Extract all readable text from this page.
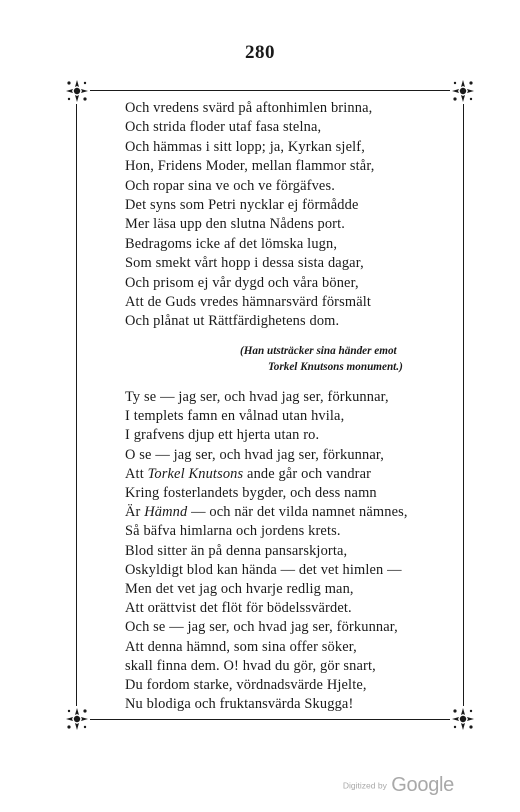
280
Och vredens svärd på aftonhimlen brinna,
Och strida floder utaf fasa stelna,
Och hämmas i sitt lopp; ja, Kyrkan sjelf,
Hon, Fridens Moder, mellan flammor står,
Och ropar sina ve och ve förgäfves.
Det syns som Petri nycklar ej förmådde
Mer läsa upp den slutna Nådens port.
Bedragoms icke af det lömska lugn,
Som smekt vårt hopp i dessa sista dagar,
Och prisom ej vår dygd och våra böner,
Att de Guds vredes hämnarsvärd försmält
Och plånat ut Rättfärdighetens dom.
(Han utsträcker sina händer emot
Torkel Knutsons monument.)
Ty se — jag ser, och hvad jag ser, förkunnar,
I templets famn en vålnad utan hvila,
I grafvens djup ett hjerta utan ro.
O se — jag ser, och hvad jag ser, förkunnar,
Att Torkel Knutsons ande går och vandrar
Kring fosterlandets bygder, och dess namn
Är Hämnd — och när det vilda namnet nämnes,
Så bäfva himlarna och jordens krets.
Blod sitter än på denna pansarskjorta,
Oskyldigt blod kan hända — det vet himlen —
Men det vet jag och hvarje redlig man,
Att orättvist det flöt för bödelssvärdet.
Och se — jag ser, och hvad jag ser, förkunnar,
Att denna hämnd, som sina offer söker,
skall finna dem. O! hvad du gör, gör snart,
Du fordom starke, vördnadsvärde Hjelte,
Nu blodiga och fruktansvärda Skugga!
Digitized by Google
